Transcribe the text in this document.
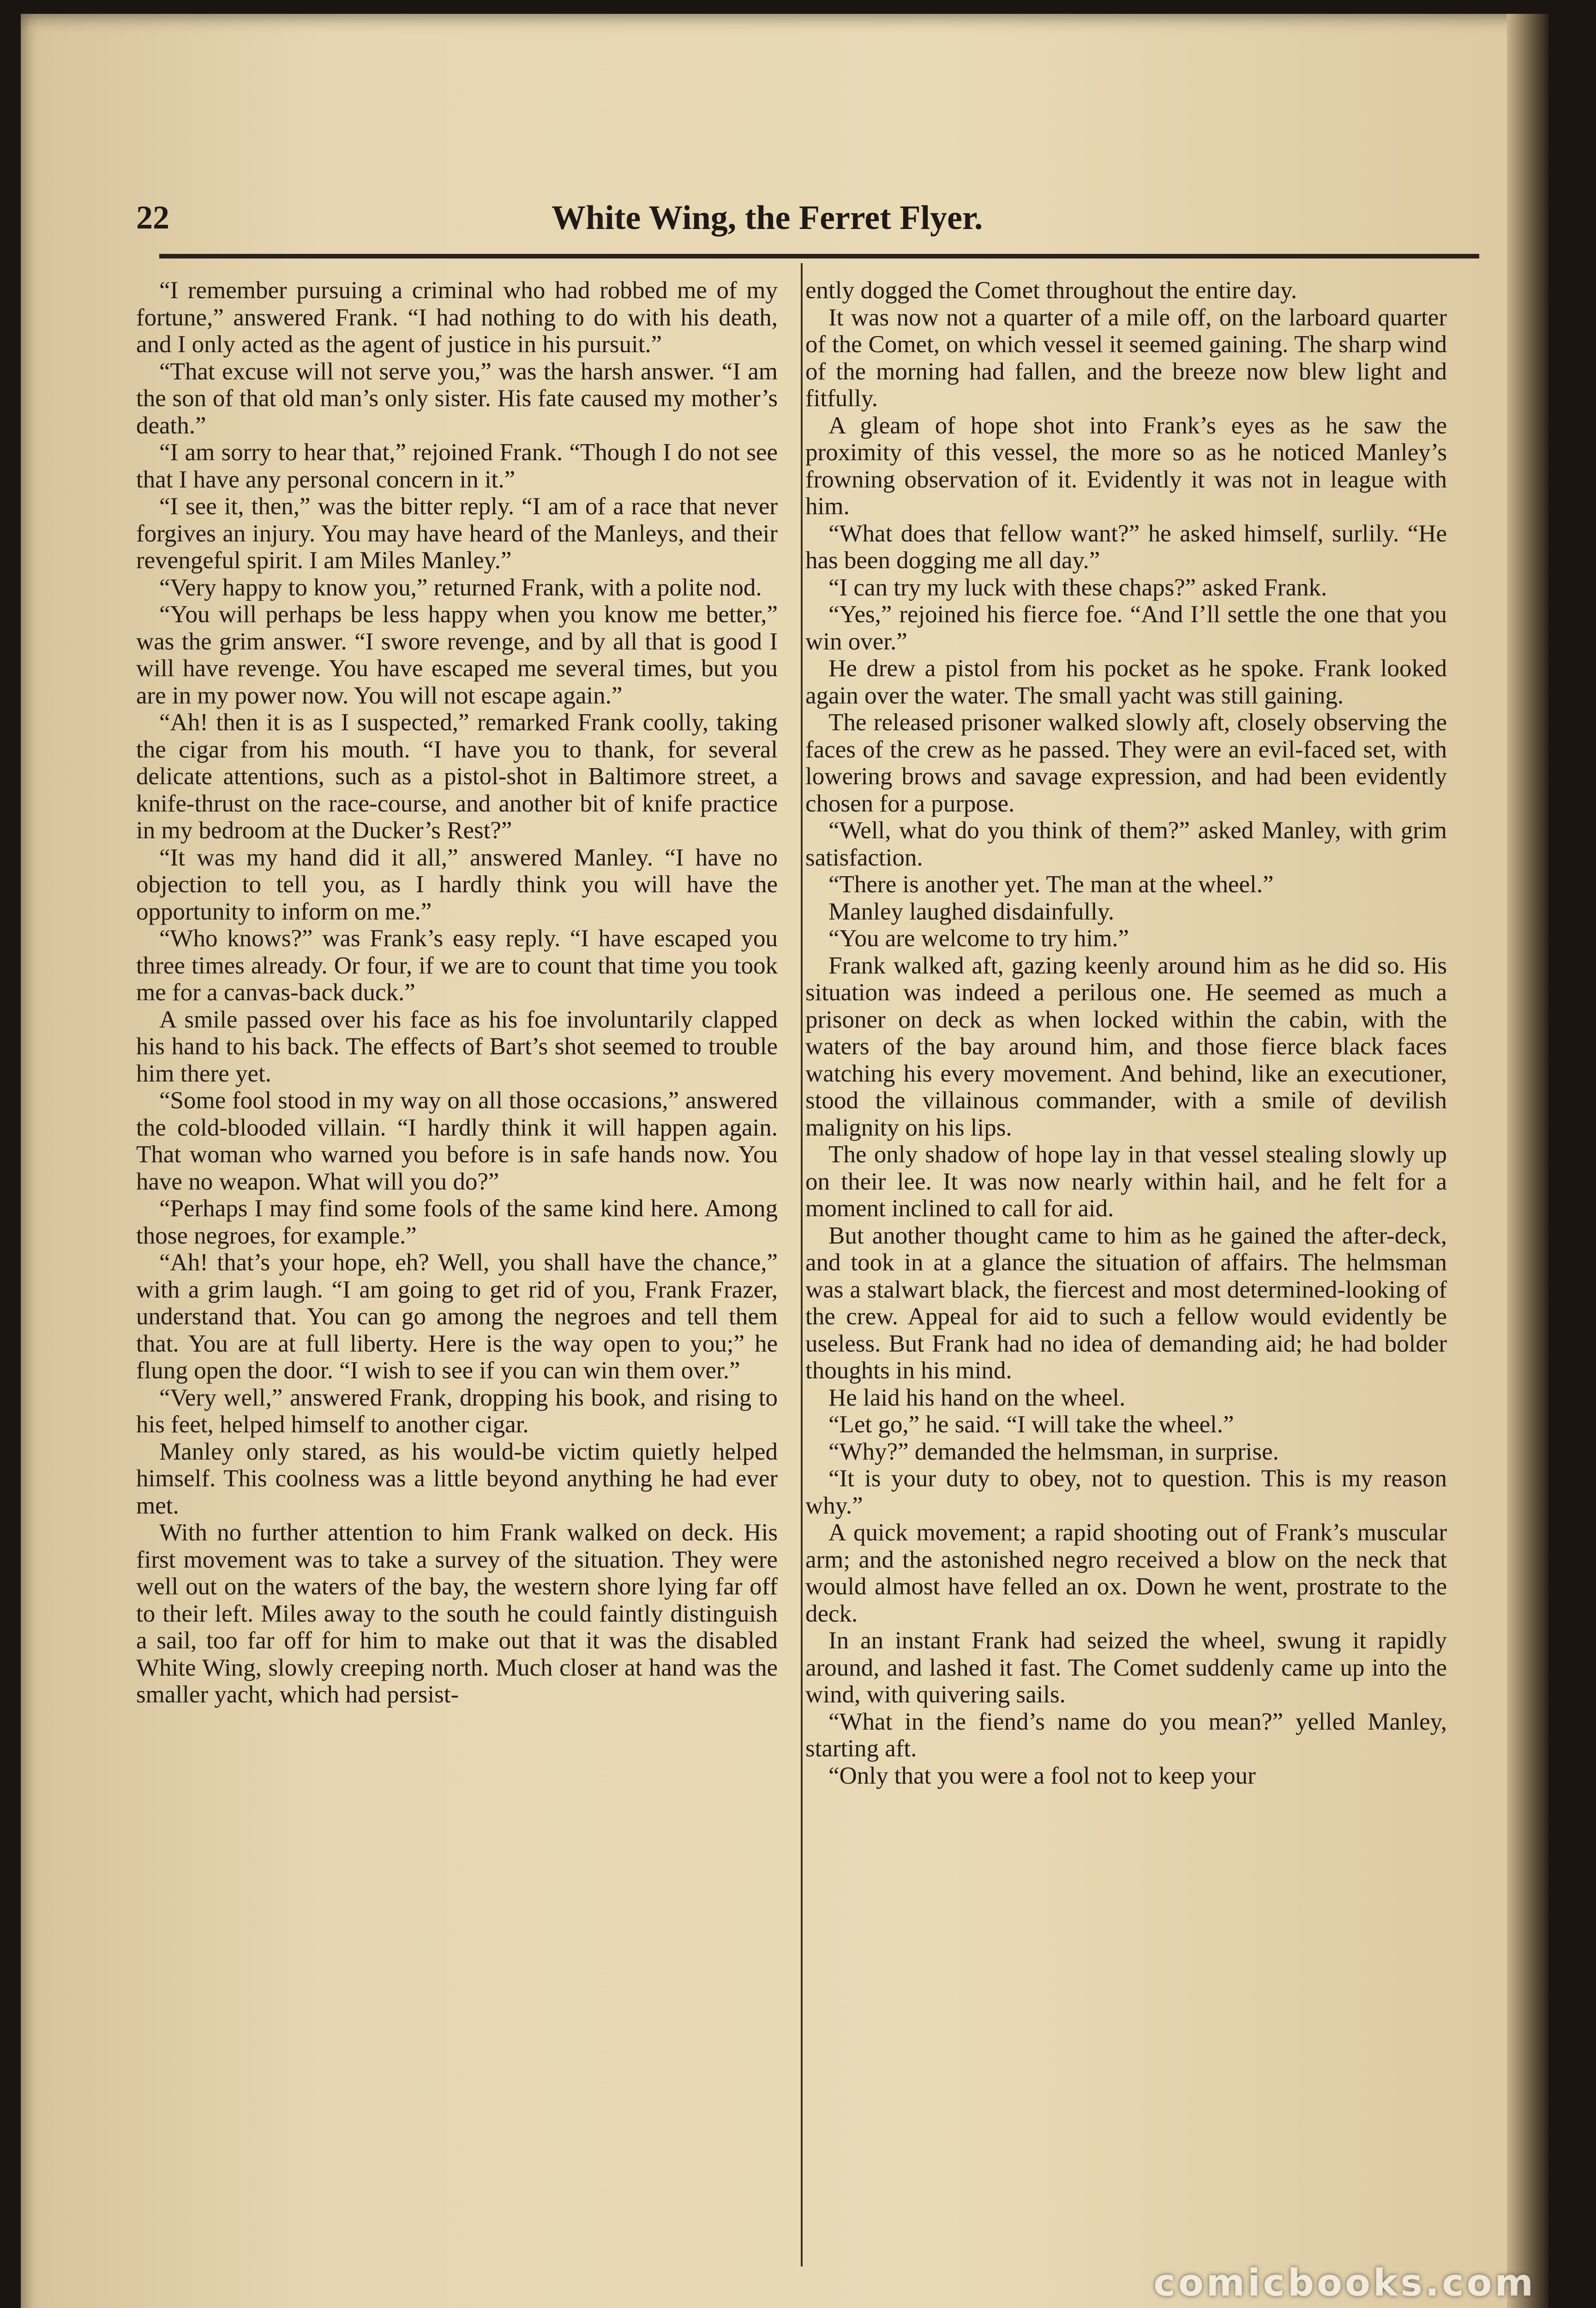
22	White Wing, the Ferret Flyer.

“I remember pursuing a criminal who had robbed me of my fortune,” answered Frank. “I had nothing to do with his death, and I only acted as the agent of justice in his pursuit.”

“That excuse will not serve you,” was the harsh answer. “I am the son of that old man’s only sister. His fate caused my mother’s death.”

“I am sorry to hear that,” rejoined Frank. “Though I do not see that I have any personal concern in it.”

“I see it, then,” was the bitter reply. “I am of a race that never forgives an injury. You may have heard of the Manleys, and their revengeful spirit. I am Miles Manley.”

“Very happy to know you,” returned Frank, with a polite nod.

“You will perhaps be less happy when you know me better,” was the grim answer. “I swore revenge, and by all that is good I will have revenge. You have escaped me several times, but you are in my power now. You will not escape again.”

“Ah! then it is as I suspected,” remarked Frank coolly, taking the cigar from his mouth. “I have you to thank, for several delicate attentions, such as a pistol-shot in Baltimore street, a knife-thrust on the race-course, and another bit of knife practice in my bedroom at the Ducker’s Rest?”

“It was my hand did it all,” answered Manley. “I have no objection to tell you, as I hardly think you will have the opportunity to inform on me.”

“Who knows?” was Frank’s easy reply. “I have escaped you three times already. Or four, if we are to count that time you took me for a canvas-back duck.”

A smile passed over his face as his foe involuntarily clapped his hand to his back. The effects of Bart’s shot seemed to trouble him there yet.

“Some fool stood in my way on all those occasions,” answered the cold-blooded villain. “I hardly think it will happen again. That woman who warned you before is in safe hands now. You have no weapon. What will you do?”

“Perhaps I may find some fools of the same kind here. Among those negroes, for example.”

“Ah! that’s your hope, eh? Well, you shall have the chance,” with a grim laugh. “I am going to get rid of you, Frank Frazer, understand that. You can go among the negroes and tell them that. You are at full liberty. Here is the way open to you;” he flung open the door. “I wish to see if you can win them over.”

“Very well,” answered Frank, dropping his book, and rising to his feet, helped himself to another cigar.

Manley only stared, as his would-be victim quietly helped himself. This coolness was a little beyond anything he had ever met.

With no further attention to him Frank walked on deck. His first movement was to take a survey of the situation. They were well out on the waters of the bay, the western shore lying far off to their left. Miles away to the south he could faintly distinguish a sail, too far off for him to make out that it was the disabled White Wing, slowly creeping north. Much closer at hand was the smaller yacht, which had persist-

ently dogged the Comet throughout the entire day.

It was now not a quarter of a mile off, on the larboard quarter of the Comet, on which vessel it seemed gaining. The sharp wind of the morning had fallen, and the breeze now blew light and fitfully.

A gleam of hope shot into Frank’s eyes as he saw the proximity of this vessel, the more so as he noticed Manley’s frowning observation of it. Evidently it was not in league with him.

“What does that fellow want?” he asked himself, surlily. “He has been dogging me all day.”

“I can try my luck with these chaps?” asked Frank.

“Yes,” rejoined his fierce foe. “And I’ll settle the one that you win over.”

He drew a pistol from his pocket as he spoke. Frank looked again over the water. The small yacht was still gaining.

The released prisoner walked slowly aft, closely observing the faces of the crew as he passed. They were an evil-faced set, with lowering brows and savage expression, and had been evidently chosen for a purpose.

“Well, what do you think of them?” asked Manley, with grim satisfaction.

“There is another yet. The man at the wheel.”

Manley laughed disdainfully.

“You are welcome to try him.”

Frank walked aft, gazing keenly around him as he did so. His situation was indeed a perilous one. He seemed as much a prisoner on deck as when locked within the cabin, with the waters of the bay around him, and those fierce black faces watching his every movement. And behind, like an executioner, stood the villainous commander, with a smile of devilish malignity on his lips.

The only shadow of hope lay in that vessel stealing slowly up on their lee. It was now nearly within hail, and he felt for a moment inclined to call for aid.

But another thought came to him as he gained the after-deck, and took in at a glance the situation of affairs. The helmsman was a stalwart black, the fiercest and most determined-looking of the crew. Appeal for aid to such a fellow would evidently be useless. But Frank had no idea of demanding aid; he had bolder thoughts in his mind.

He laid his hand on the wheel.

“Let go,” he said. “I will take the wheel.”

“Why?” demanded the helmsman, in surprise.

“It is your duty to obey, not to question. This is my reason why.”

A quick movement; a rapid shooting out of Frank’s muscular arm; and the astonished negro received a blow on the neck that would almost have felled an ox. Down he went, prostrate to the deck.

In an instant Frank had seized the wheel, swung it rapidly around, and lashed it fast. The Comet suddenly came up into the wind, with quivering sails.

“What in the fiend’s name do you mean?” yelled Manley, starting aft.

“Only that you were a fool not to keep your

comicbooks.com
